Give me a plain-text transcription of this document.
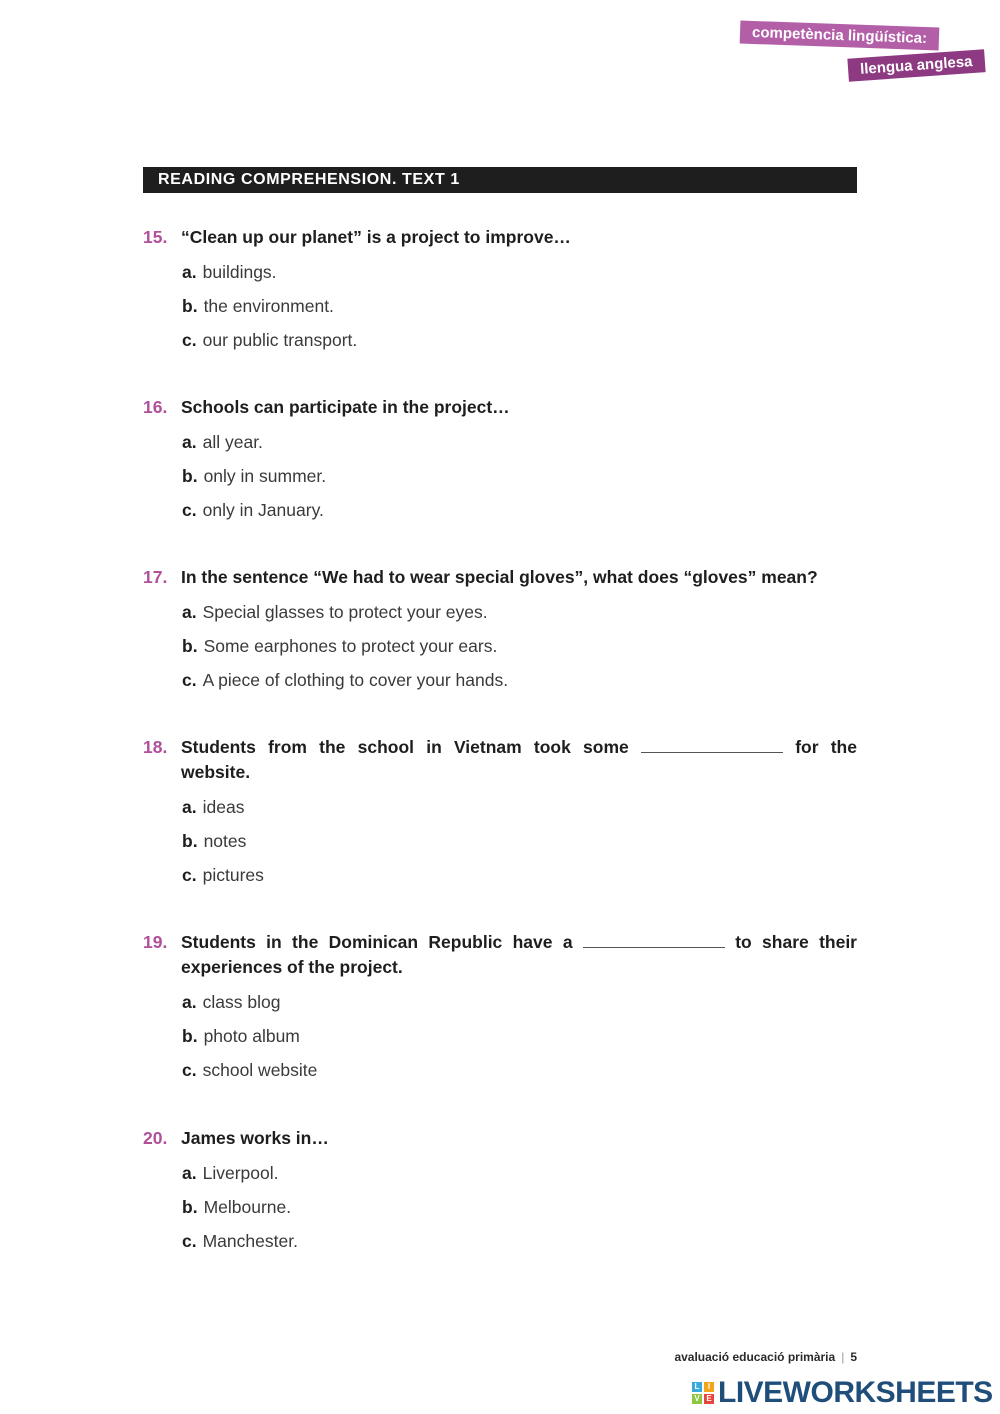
competència lingüística:
llengua anglesa
READING COMPREHENSION. TEXT 1
15. “Clean up our planet” is a project to improve…
a. buildings.
b. the environment.
c. our public transport.
16. Schools can participate in the project…
a. all year.
b. only in summer.
c. only in January.
17. In the sentence “We had to wear special gloves”, what does “gloves” mean?
a. Special glasses to protect your eyes.
b. Some earphones to protect your ears.
c. A piece of clothing to cover your hands.
18. Students from the school in Vietnam took some	for the website.
a. ideas
b. notes
c. pictures
19. Students in the Dominican Republic have a	to share their experiences of the project.
a. class blog
b. photo album
c. school website
20. James works in…
a. Liverpool.
b. Melbourne.
c. Manchester.
avaluació educació primària | 5
L	I
V E LIVEWORKSHEETS
